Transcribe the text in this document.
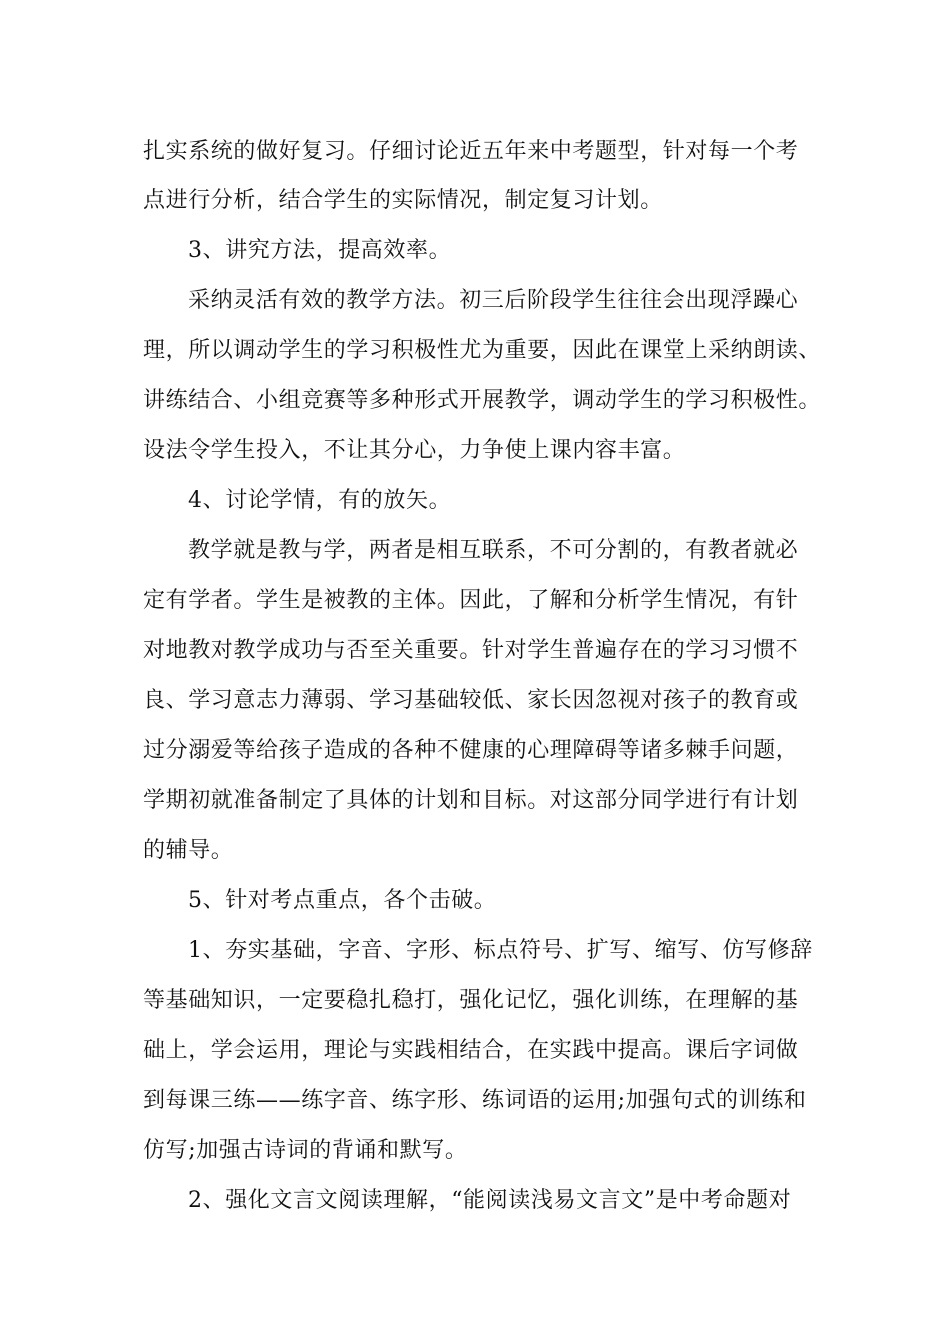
扎实系统的做好复习。仔细讨论近五年来中考题型，针对每一个考
点进行分析，结合学生的实际情况，制定复习计划。
3、讲究方法，提高效率。
采纳灵活有效的教学方法。初三后阶段学生往往会出现浮躁心
理，所以调动学生的学习积极性尤为重要，因此在课堂上采纳朗读、
讲练结合、小组竞赛等多种形式开展教学，调动学生的学习积极性。
设法令学生投入，不让其分心，力争使上课内容丰富。
4、讨论学情，有的放矢。
教学就是教与学，两者是相互联系，不可分割的，有教者就必
定有学者。学生是被教的主体。因此，了解和分析学生情况，有针
对地教对教学成功与否至关重要。针对学生普遍存在的学习习惯不
良、学习意志力薄弱、学习基础较低、家长因忽视对孩子的教育或
过分溺爱等给孩子造成的各种不健康的心理障碍等诸多棘手问题，
学期初就准备制定了具体的计划和目标。对这部分同学进行有计划
的辅导。
5、针对考点重点，各个击破。
1、夯实基础，字音、字形、标点符号、扩写、缩写、仿写修辞
等基础知识，一定要稳扎稳打，强化记忆，强化训练，在理解的基
础上，学会运用，理论与实践相结合，在实践中提高。课后字词做
到每课三练——练字音、练字形、练词语的运用;加强句式的训练和
仿写;加强古诗词的背诵和默写。
2、强化文言文阅读理解，“能阅读浅易文言文”是中考命题对
